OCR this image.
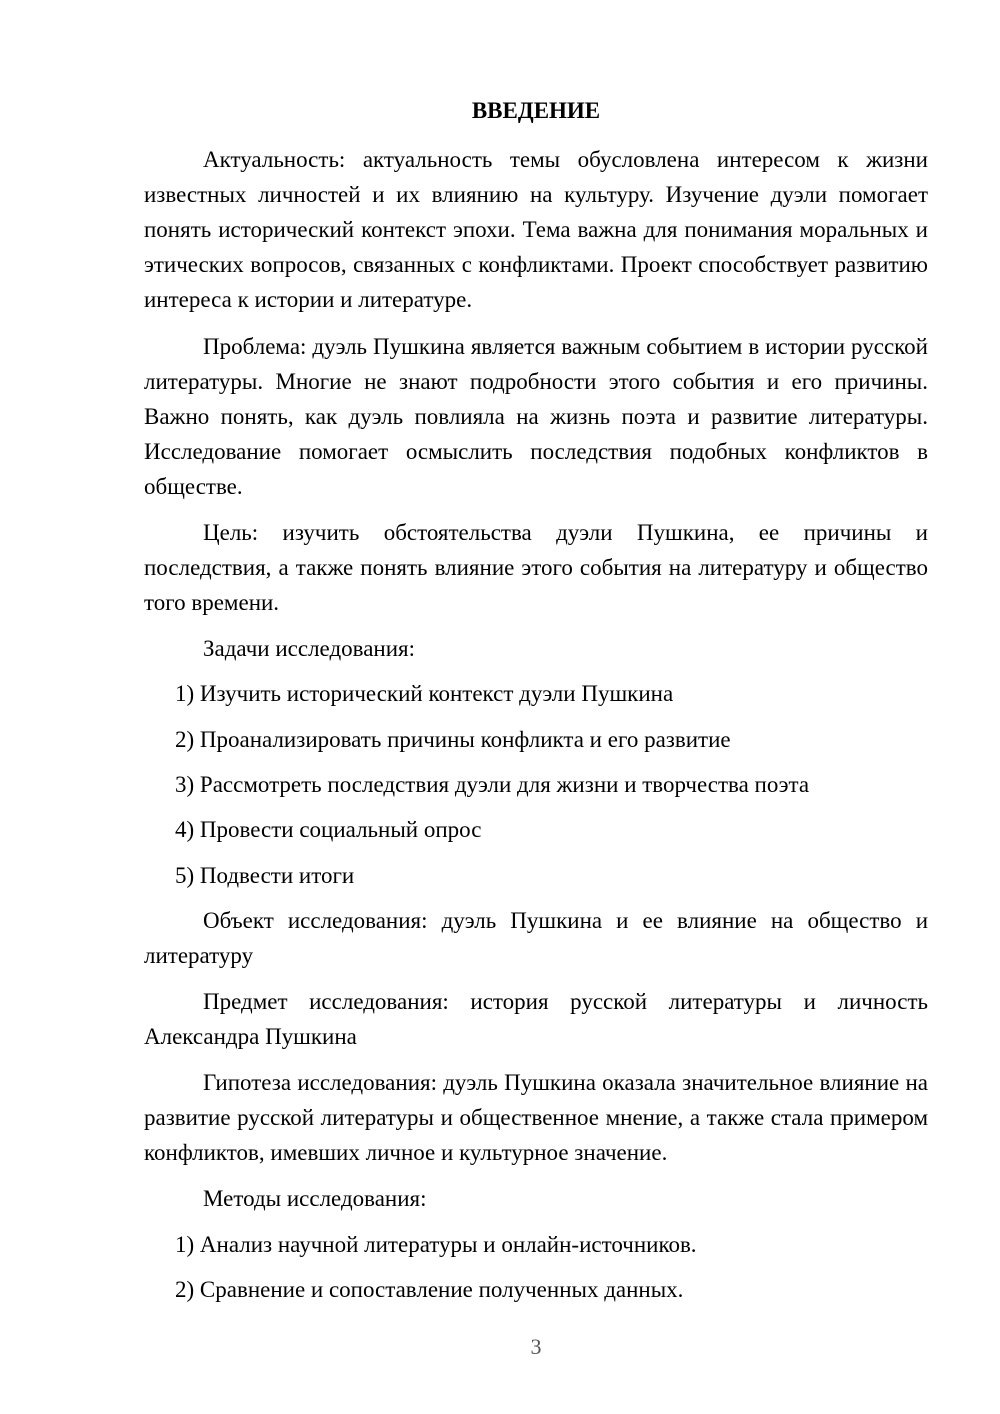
ВВЕДЕНИЕ

Актуальность: актуальность темы обусловлена интересом к жизни известных личностей и их влиянию на культуру. Изучение дуэли помогает понять исторический контекст эпохи. Тема важна для понимания моральных и этических вопросов, связанных с конфликтами. Проект способствует развитию интереса к истории и литературе.

Проблема: дуэль Пушкина является важным событием в истории русской литературы. Многие не знают подробности этого события и его причины. Важно понять, как дуэль повлияла на жизнь поэта и развитие литературы. Исследование помогает осмыслить последствия подобных конфликтов в обществе.

Цель: изучить обстоятельства дуэли Пушкина, ее причины и последствия, а также понять влияние этого события на литературу и общество того времени.

Задачи исследования:

1) Изучить исторический контекст дуэли Пушкина

2) Проанализировать причины конфликта и его развитие

3) Рассмотреть последствия дуэли для жизни и творчества поэта

4) Провести социальный опрос

5) Подвести итоги

Объект исследования: дуэль Пушкина и ее влияние на общество и литературу

Предмет исследования: история русской литературы и личность Александра Пушкина

Гипотеза исследования: дуэль Пушкина оказала значительное влияние на развитие русской литературы и общественное мнение, а также стала примером конфликтов, имевших личное и культурное значение.

Методы исследования:

1) Анализ научной литературы и онлайн-источников.

2) Сравнение и сопоставление полученных данных.

3
